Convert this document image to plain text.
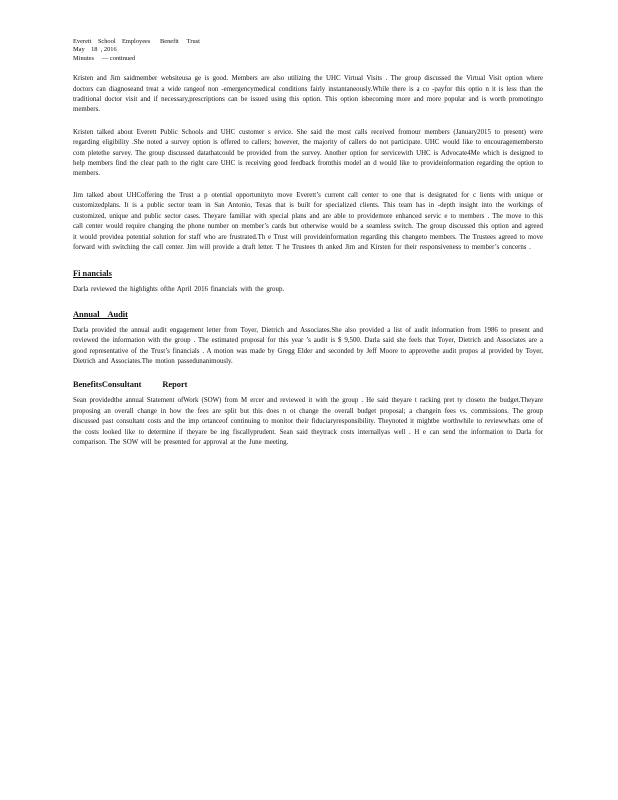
Everett    School    Employees      Benefit     Trust
May    18  , 2016
Minutes     — continued

Kristen and Jim saidmember websiteusa ge is good. Members are also utilizing the UHC Virtual Visits . The group discussed the Virtual Visit option where doctors can diagnoseand treat a wide rangeof non -emergencymedical conditions fairly instantaneously.While there is a co -payfor this optio n it is less than the traditional doctor visit and if necessary,prescriptions can be issued using this option. This option isbecoming more and more popular and is worth promotingto members.

Kristen talked about Everett Public Schools and UHC customer s ervice. She said the most calls received fromour members (January2015 to present) were regarding eligibility .She noted a survey option is offered to callers; however, the majority of callers do not participate. UHC would like to encouragemembersto com pletethe survey. The group discussed datathatcould be provided from the survey. Another option for servicewith UHC is Advocate4Me which is designed to help members find the clear path to the right care UHC is receiving good feedback fromthis model an d would like to provideinformation regarding the option to members.

Jim talked about UHCoffering the Trust a p otential opportunityto move Everett’s current call center to one that is designated for c lients with unique or customizedplans. It is a public sector team in San Antonio, Texas that is built for specialized clients. This team has in -depth insight into the workings of customized, unique and public sector cases. Theyare familiar with special plans and are able to providemore enhanced servic e to members . The move to this call center would require changing the phone number on member’s cards but otherwise would be a seamless switch. The group discussed this option and agreed it would providea potential solution for staff who are frustrated.Th e Trust will provideinformation regarding this changeto members. The Trustees agreed to move forward with switching the call center. Jim will provide a draft letter. T he Trustees th anked Jim and Kirsten for their responsiveness to member’s concerns .

Fi nancials

Darla reviewed the highlights ofthe April 2016 financials with the group.

Annual    Audit

Darla provided the annual audit engagement letter from Toyer, Dietrich and Associates.She also provided a list of audit information from 1986 to present and reviewed the information with the group . The estimated proposal for this year ’s audit is $ 9,500. Darla said she feels that Toyer, Dietrich and Associates are a good representative of the Trust’s financials . A motion was made by Gregg Elder and seconded by Jeff Moore to approvethe audit propos al provided by Toyer, Dietrich and Associates.The motion passedunanimously.

BenefitsConsultant          Report

Sean providedthe annual Statement ofWork (SOW) from M ercer and reviewed it with the group . He said theyare t racking pret ty closeto the budget.Theyare proposing an overall change in how the fees are split but this does n ot change the overall budget proposal; a changein fees vs. commissions. The group discussed past consultant costs and the imp ortanceof continuing to monitor their fiduciaryresponsibility. Theynoted it mightbe worthwhile to reviewwhats ome of the costs looked like to determine if theyare be ing fiscallyprudent. Sean said theytrack costs internallyas well . H e can send the information to Darla for comparison. The SOW will be presented for approval at the June meeting.
